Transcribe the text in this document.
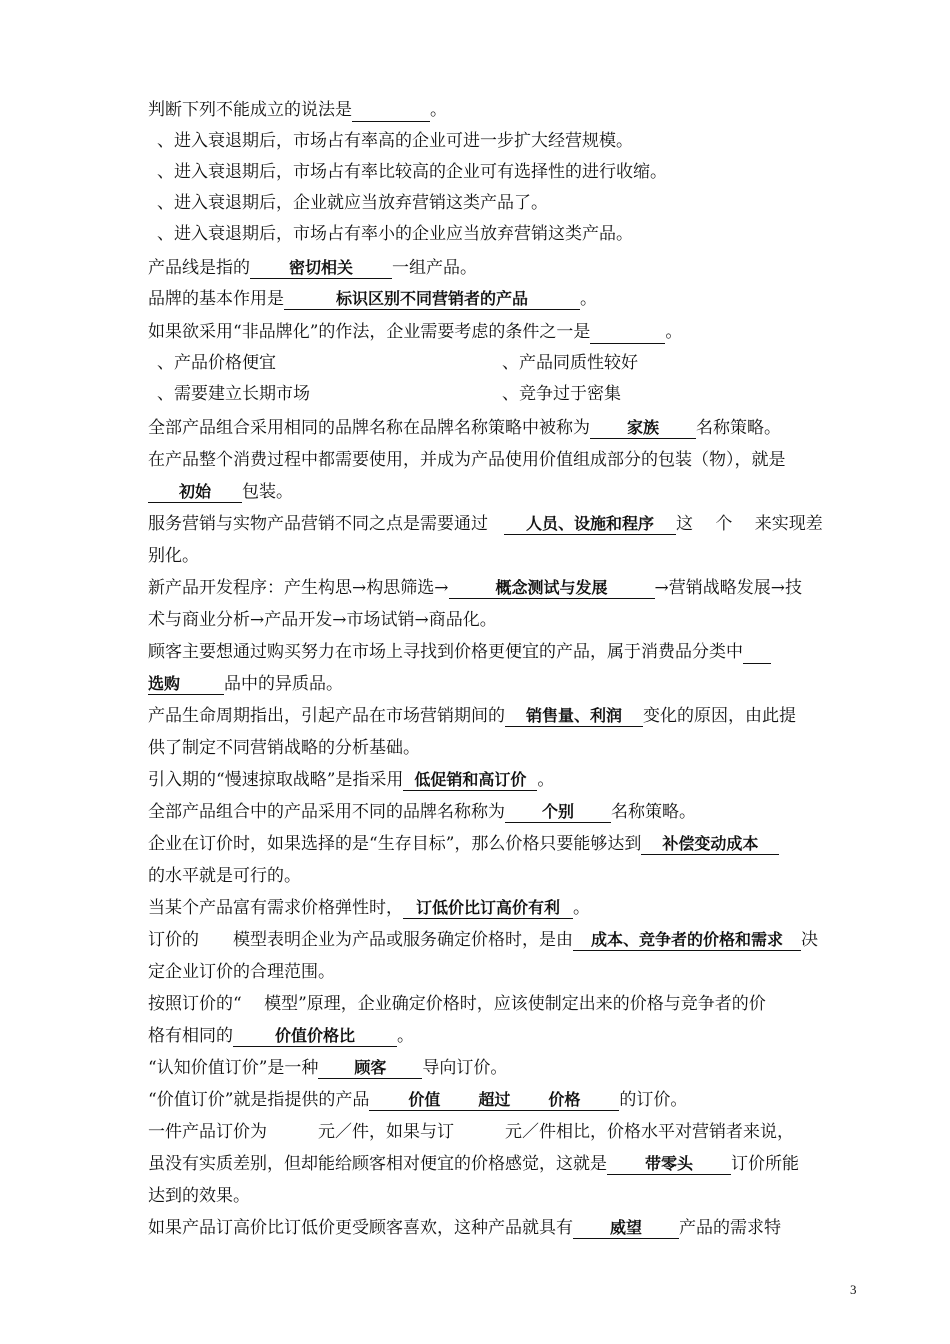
判断下列不能成立的说法是	。
、进入衰退期后，市场占有率高的企业可进一步扩大经营规模。
、进入衰退期后，市场占有率比较高的企业可有选择性的进行收缩。
、进入衰退期后，企业就应当放弃营销这类产品了。
、进入衰退期后，市场占有率小的企业应当放弃营销这类产品。
产品线是指的 密切相关 一组产品。
品牌的基本作用是	标识区别不同营销者的产品	。
如果欲采用“非品牌化”的作法，企业需要考虑的条件之一是	。
、产品价格便宜	、产品同质性较好
、需要建立长期市场	、竞争过于密集
全部产品组合采用相同的品牌名称在品牌名称策略中被称为 家族 名称策略。
在产品整个消费过程中都需要使用，并成为产品使用价值组成部分的包装（物），就是
初始 包装。
服务营销与实物产品营销不同之点是需要通过 人员、设施和程序 这　 个　 来实现差
别化。
新产品开发程序：产生构思→构思筛选→	概念测试与发展	→营销战略发展→技
术与商业分析→产品开发→市场试销→商品化。
顾客主要想通过购买努力在市场上寻找到价格更便宜的产品，属于消费品分类中
选购	品中的异质品。
产品生命周期指出，引起产品在市场营销期间的 销售量、利润 变化的原因，由此提
供了制定不同营销战略的分析基础。
引入期的“慢速掠取战略”是指采用 低促销和高订价 。
全部产品组合中的产品采用不同的品牌名称称为 个别 名称策略。
企业在订价时，如果选择的是“生存目标”，那么价格只要能够达到 补偿变动成本
的水平就是可行的。
当某个产品富有需求价格弹性时， 订低价比订高价有利 。
订价的　　模型表明企业为产品或服务确定价格时，是由 成本、竞争者的价格和需求 决
定企业订价的合理范围。
按照订价的“　 模型”原理，企业确定价格时，应该使制定出来的价格与竞争者的价
格有相同的	价值价格比 。
“认知价值订价”是一种 顾客 导向订价。
“价值订价”就是指提供的产品 价值 超过 价格 的订价。
一件产品订价为　　　元／件，如果与订　　　元／件相比，价格水平对营销者来说，
虽没有实质差别，但却能给顾客相对便宜的价格感觉，这就是 带零头 订价所能
达到的效果。
如果产品订高价比订低价更受顾客喜欢，这种产品就具有 威望 产品的需求特
3
